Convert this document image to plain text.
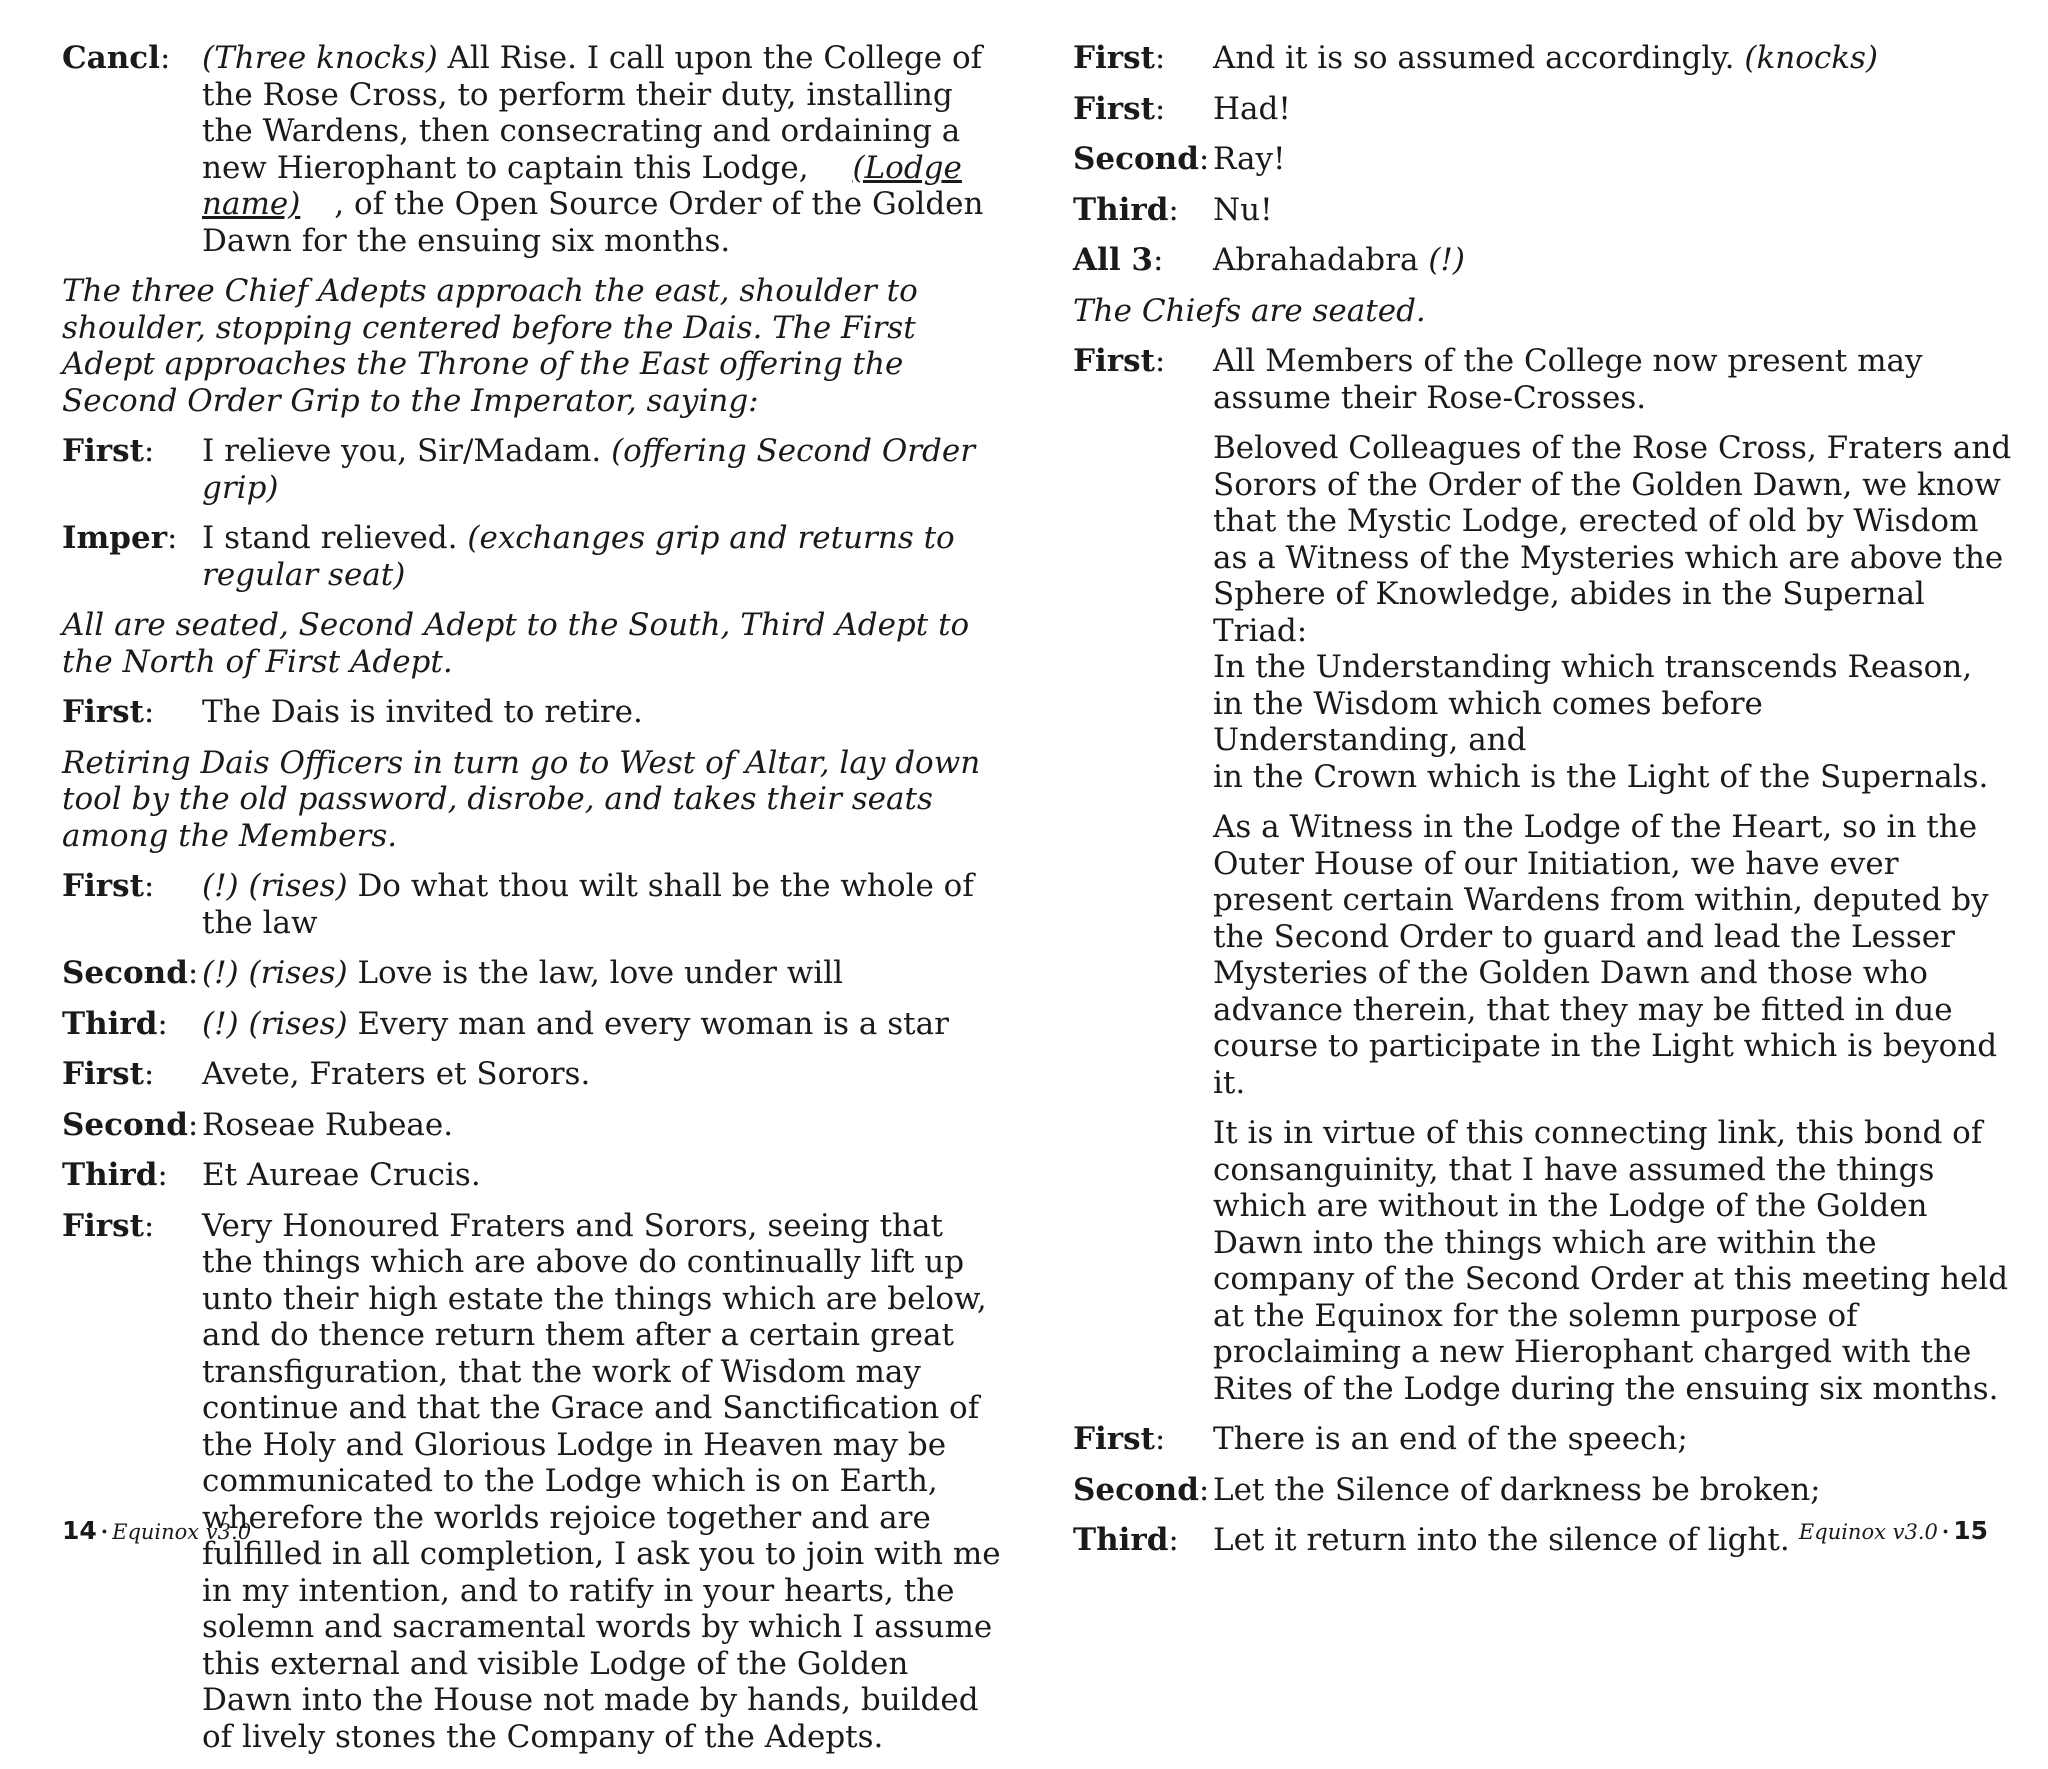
Cancl:	(Three knocks) All Rise. I call upon the College of the Rose Cross, to perform their duty, installing the Wardens, then consecrating and ordaining a new Hierophant to captain this Lodge, (Lodge name) , of the Open Source Order of the Golden Dawn for the ensuing six months.

The three Chief Adepts approach the east, shoulder to shoulder, stopping centered before the Dais. The First Adept approaches the Throne of the East offering the Second Order Grip to the Imperator, saying:
First:	I relieve you, Sir/Madam. (offering Second Order grip)

Imper: I stand relieved. (exchanges grip and returns to regular seat)

All are seated, Second Adept to the South, Third Adept to the North of First Adept.
First:	The Dais is invited to retire.

Retiring Dais Officers in turn go to West of Altar, lay down tool by the old password, disrobe, and takes their seats among the Members.
First:	(!) (rises) Do what thou wilt shall be the whole of the law

Second: (!) (rises) Love is the law, love under will

Third:	(!) (rises) Every man and every woman is a star

First:	Avete, Fraters et Sorors.

Second: Roseae Rubeae.

Third:	Et Aureae Crucis.

First:	Very Honoured Fraters and Sorors, seeing that the things which are above do continually lift up unto their high estate the things which are below, and do thence return them after a certain great transfiguration, that the work of Wisdom may continue and that the Grace and Sanctification of the Holy and Glorious Lodge in Heaven may be communicated to the Lodge which is on Earth, wherefore the worlds rejoice together and are fulfilled in all completion, I ask you to join with me in my intention, and to ratify in your hearts, the solemn and sacramental words by which I assume this external and visible Lodge of the Golden Dawn into the House not made by hands, builded of lively stones the Company of the Adepts.

First:	And it is so assumed accordingly. (knocks)

First:	Had!

Second: Ray!

Third:	Nu!

All 3:	Abrahadabra (!)

The Chiefs are seated.
First:	All Members of the College now present may assume their Rose-Crosses.

Beloved Colleagues of the Rose Cross, Fraters and Sorors of the Order of the Golden Dawn, we know that the Mystic Lodge, erected of old by Wisdom as a Witness of the Mysteries which are above the Sphere of Knowledge, abides in the Supernal Triad:
In the Understanding which transcends Reason,
in the Wisdom which comes before Understanding, and
in the Crown which is the Light of the Supernals.

As a Witness in the Lodge of the Heart, so in the Outer House of our Initiation, we have ever present certain Wardens from within, deputed by the Second Order to guard and lead the Lesser Mysteries of the Golden Dawn and those who advance therein, that they may be fitted in due course to participate in the Light which is beyond it.

It is in virtue of this connecting link, this bond of consanguinity, that I have assumed the things which are without in the Lodge of the Golden Dawn into the things which are within the company of the Second Order at this meeting held at the Equinox for the solemn purpose of proclaiming a new Hierophant charged with the Rites of the Lodge during the ensuing six months.

First:	There is an end of the speech;

Second: Let the Silence of darkness be broken;

Third:	Let it return into the silence of light.

14 · Equinox v3.0	Equinox v3.0 · 15
